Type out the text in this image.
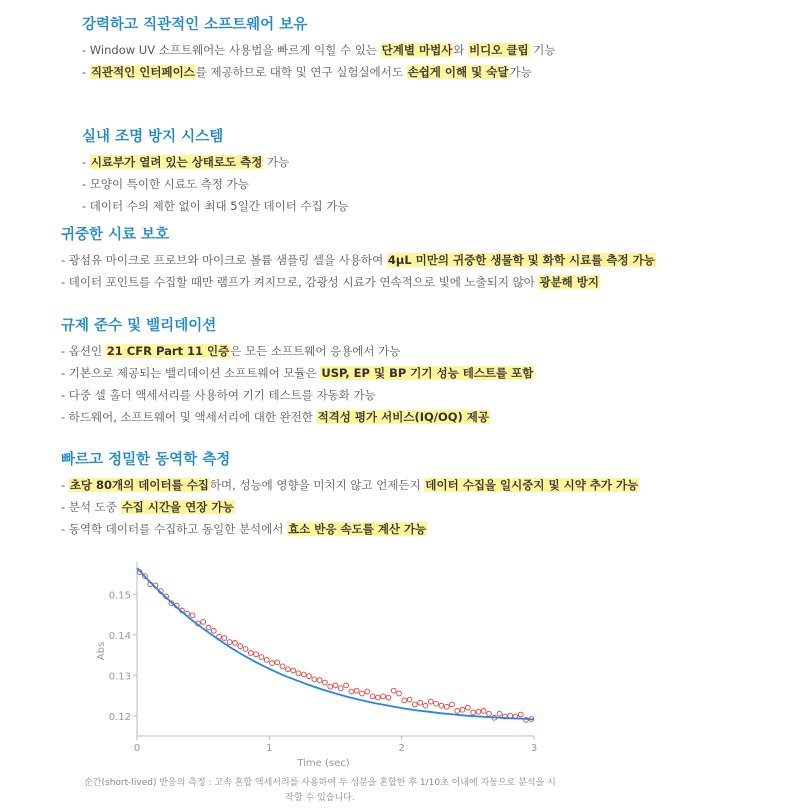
강력하고 직관적인 소프트웨어 보유
- Window UV 소프트웨어는 사용법을 빠르게 익힐 수 있는 단계별 마법사와 비디오 클립 기능
- 직관적인 인터페이스를 제공하므로 대학 및 연구 실험실에서도 손쉽게 이해 및 숙달가능
실내 조명 방지 시스템
- 시료부가 열려 있는 상태로도 측정 가능
- 모양이 특이한 시료도 측정 가능
- 데이터 수의 제한 없이 최대 5일간 데이터 수집 가능
귀중한 시료 보호
- 광섬유 마이크로 프로브와 마이크로 볼륨 샘플링 셀을 사용하여 4μL 미만의 귀중한 생물학 및 화학 시료를 측정 가능
- 데이터 포인트를 수집할 때만 램프가 켜지므로, 감광성 시료가 연속적으로 빛에 노출되지 않아 광분해 방지
규제 준수 및 밸리데이션
- 옵션인 21 CFR Part 11 인증은 모든 소프트웨어 응용에서 가능
- 기본으로 제공되는 밸리데이션 소프트웨어 모듈은 USP, EP 및 BP 기기 성능 테스트를 포함
- 다중 셀 홀더 액세서리를 사용하여 기기 테스트를 자동화 가능
- 하드웨어, 소프트웨어 및 액세서리에 대한 완전한 적격성 평가 서비스(IQ/OQ) 제공
빠르고 정밀한 동역학 측정
- 초당 80개의 데이터를 수집하며, 성능에 영향을 미치지 않고 언제든지 데이터 수집을 일시중지 및 시약 추가 가능
- 분석 도중 수집 시간을 연장 가능
- 동역학 데이터를 수집하고 동일한 분석에서 효소 반응 속도를 계산 가능
0.15
0.14
0.13
0.12
0	1	2	3
Time (sec)
Abs
순간(short-lived) 반응의 측정 : 고속 혼합 액세서리를 사용하여 두 성분을 혼합한 후 1/10초 이내에 자동으로 분석을 시작할 수 있습니다.
